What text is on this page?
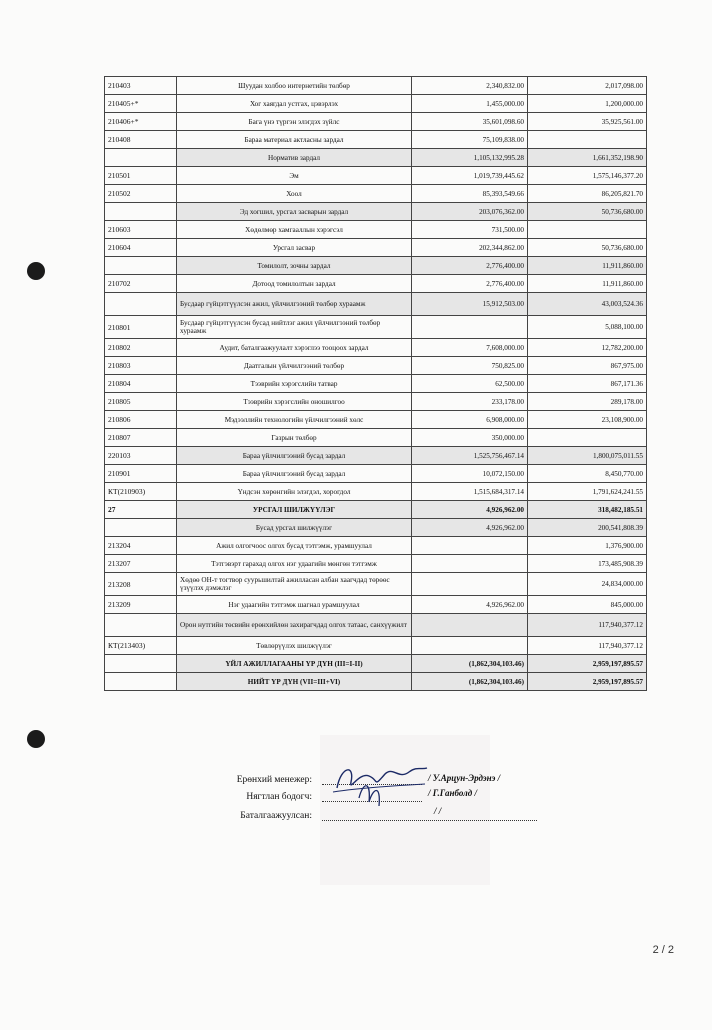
210403	Шуудан холбоо интернетийн төлбөр	2,340,832.00	2,017,098.00
210405+*	Хог хаягдал устгах, цэвэрлэх	1,455,000.00	1,200,000.00
210406+*	Бага үнэ түргэн элэгдэх зүйлс	35,601,098.60	35,925,561.00
210408	Бараа материал актласны зардал	75,109,838.00	
	Норматив зардал	1,105,132,995.28	1,661,352,198.90
210501	Эм	1,019,739,445.62	1,575,146,377.20
210502	Хоол	85,393,549.66	86,205,821.70
	Эд хогшил, урсгал засварын зардал	203,076,362.00	50,736,680.00
210603	Хөдөлмөр хамгааллын хэрэгсэл	731,500.00	
210604	Урсгал засвар	202,344,862.00	50,736,680.00
	Томилолт, зочны зардал	2,776,400.00	11,911,860.00
210702	Дотоод томилолтын зардал	2,776,400.00	11,911,860.00
	Бусдаар гүйцэтгүүлсэн ажил, үйлчилгээний төлбөр хураамж	15,912,503.00	43,003,524.36
210801	Бусдаар гүйцэтгүүлсэн бусад нийтлэг ажил үйлчилгээний төлбөр хураамж		5,088,100.00
210802	Аудит, баталгаажуулалт хэрэглээ тооцоох зардал	7,608,000.00	12,782,200.00
210803	Даатгалын үйлчилгээний төлбөр	750,825.00	867,975.00
210804	Тээврийн хэрэгслийн татвар	62,500.00	867,171.36
210805	Тээврийн хэрэгслийн оношилгоо	233,178.00	289,178.00
210806	Мэдээллийн технологийн үйлчилгээний хөлс	6,908,000.00	23,108,900.00
210807	Газрын төлбөр	350,000.00	
220103	Бараа үйлчилгээний бусад зардал	1,525,756,467.14	1,800,075,011.55
210901	Бараа үйлчилгээний бусад зардал	10,072,150.00	8,450,770.00
КТ(210903)	Үндсэн хөрөнгийн элэгдэл, хорогдол	1,515,684,317.14	1,791,624,241.55
27	УРСГАЛ ШИЛЖҮҮЛЭГ	4,926,962.00	318,482,185.51
	Бусад урсгал шилжүүлэг	4,926,962.00	200,541,808.39
213204	Ажил олгогчоос олгох бусад тэтгэмж, урамшуулал		1,376,900.00
213207	Тэтгэвэрт гарахад олгох нэг удаагийн мөнгөн тэтгэмж		173,485,908.39
213208	Хөдөө ОН-т тогтвор суурьшилтай ажилласан албан хаагчдад төрөөс үзүүлэх дэмжлэг		24,834,000.00
213209	Нэг удаагийн тэтгэмж шагнал урамшуулал	4,926,962.00	845,000.00
	Орон нутгийн төсвийн ерөнхийлөн захирагчдад олгох татаас, санхүүжилт		117,940,377.12
КТ(213403)	Төвлөрүүлэх шилжүүлэг		117,940,377.12
	ҮЙЛ АЖИЛЛАГААНЫ ҮР ДҮН (III=I-II)	(1,862,304,103.46)	2,959,197,895.57
	НИЙТ ҮР ДҮН (VII=III+VI)	(1,862,304,103.46)	2,959,197,895.57
Ерөнхий менежер:	/ У.Арцун-Эрдэнэ /
Нягтлан бодогч:	/ Г.Ганболд /
Баталгаажуулсан:	/ /
2 / 2
